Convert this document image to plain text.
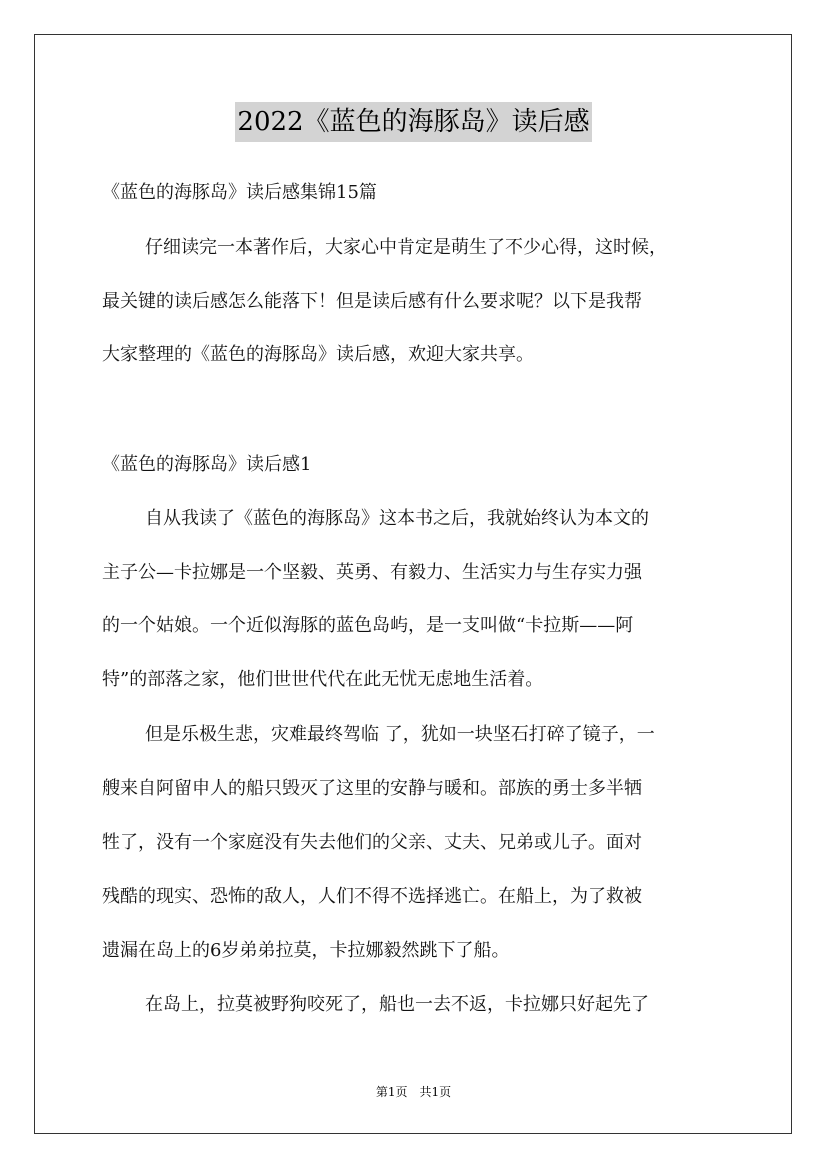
2022《蓝色的海豚岛》读后感
《蓝色的海豚岛》读后感集锦15篇
仔细读完一本著作后，大家心中肯定是萌生了不少心得，这时候，
最关键的读后感怎么能落下！但是读后感有什么要求呢？以下是我帮
大家整理的《蓝色的海豚岛》读后感，欢迎大家共享。
《蓝色的海豚岛》读后感1
自从我读了《蓝色的海豚岛》这本书之后，我就始终认为本文的
主子公—卡拉娜是一个坚毅、英勇、有毅力、生活实力与生存实力强
的一个姑娘。一个近似海豚的蓝色岛屿，是一支叫做“卡拉斯——阿
特”的部落之家，他们世世代代在此无忧无虑地生活着。
但是乐极生悲，灾难最终驾临 了，犹如一块坚石打碎了镜子，一
艘来自阿留申人的船只毁灭了这里的安静与暖和。部族的勇士多半牺
牲了，没有一个家庭没有失去他们的父亲、丈夫、兄弟或儿子。面对
残酷的现实、恐怖的敌人，人们不得不选择逃亡。在船上，为了救被
遗漏在岛上的6岁弟弟拉莫，卡拉娜毅然跳下了船。
在岛上，拉莫被野狗咬死了，船也一去不返，卡拉娜只好起先了
第1页　共1页
